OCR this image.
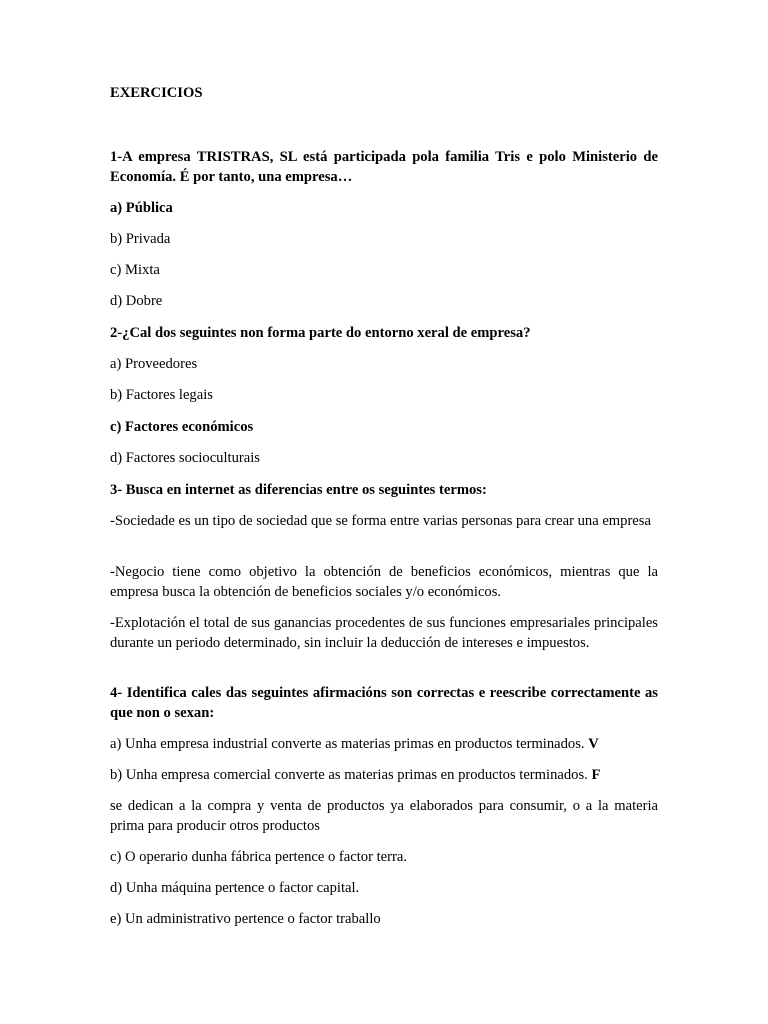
EXERCICIOS

1-A empresa TRISTRAS, SL está participada pola familia Tris e polo Ministerio de Economía. É por tanto, una empresa…

a) Pública

b) Privada

c) Mixta

d) Dobre

2-¿Cal dos seguintes non forma parte do entorno xeral de empresa?

a) Proveedores

b) Factores legais

c) Factores económicos

d) Factores socioculturais

3- Busca en internet as diferencias entre os seguintes termos:

-Sociedade es un tipo de sociedad que se forma entre varias personas para crear una empresa

-Negocio tiene como objetivo la obtención de beneficios económicos, mientras que la empresa busca la obtención de beneficios sociales y/o económicos.

-Explotación el total de sus ganancias procedentes de sus funciones empresariales principales durante un periodo determinado, sin incluir la deducción de intereses e impuestos.

4- Identifica cales das seguintes afirmacións son correctas e reescribe correctamente as que non o sexan:

a) Unha empresa industrial converte as materias primas en productos terminados. V

b) Unha empresa comercial converte as materias primas en productos terminados. F

se dedican a la compra y venta de productos ya elaborados para consumir, o a la materia prima para producir otros productos

c) O operario dunha fábrica pertence o factor terra.

d) Unha máquina pertence o factor capital.

e) Un administrativo pertence o factor traballo
